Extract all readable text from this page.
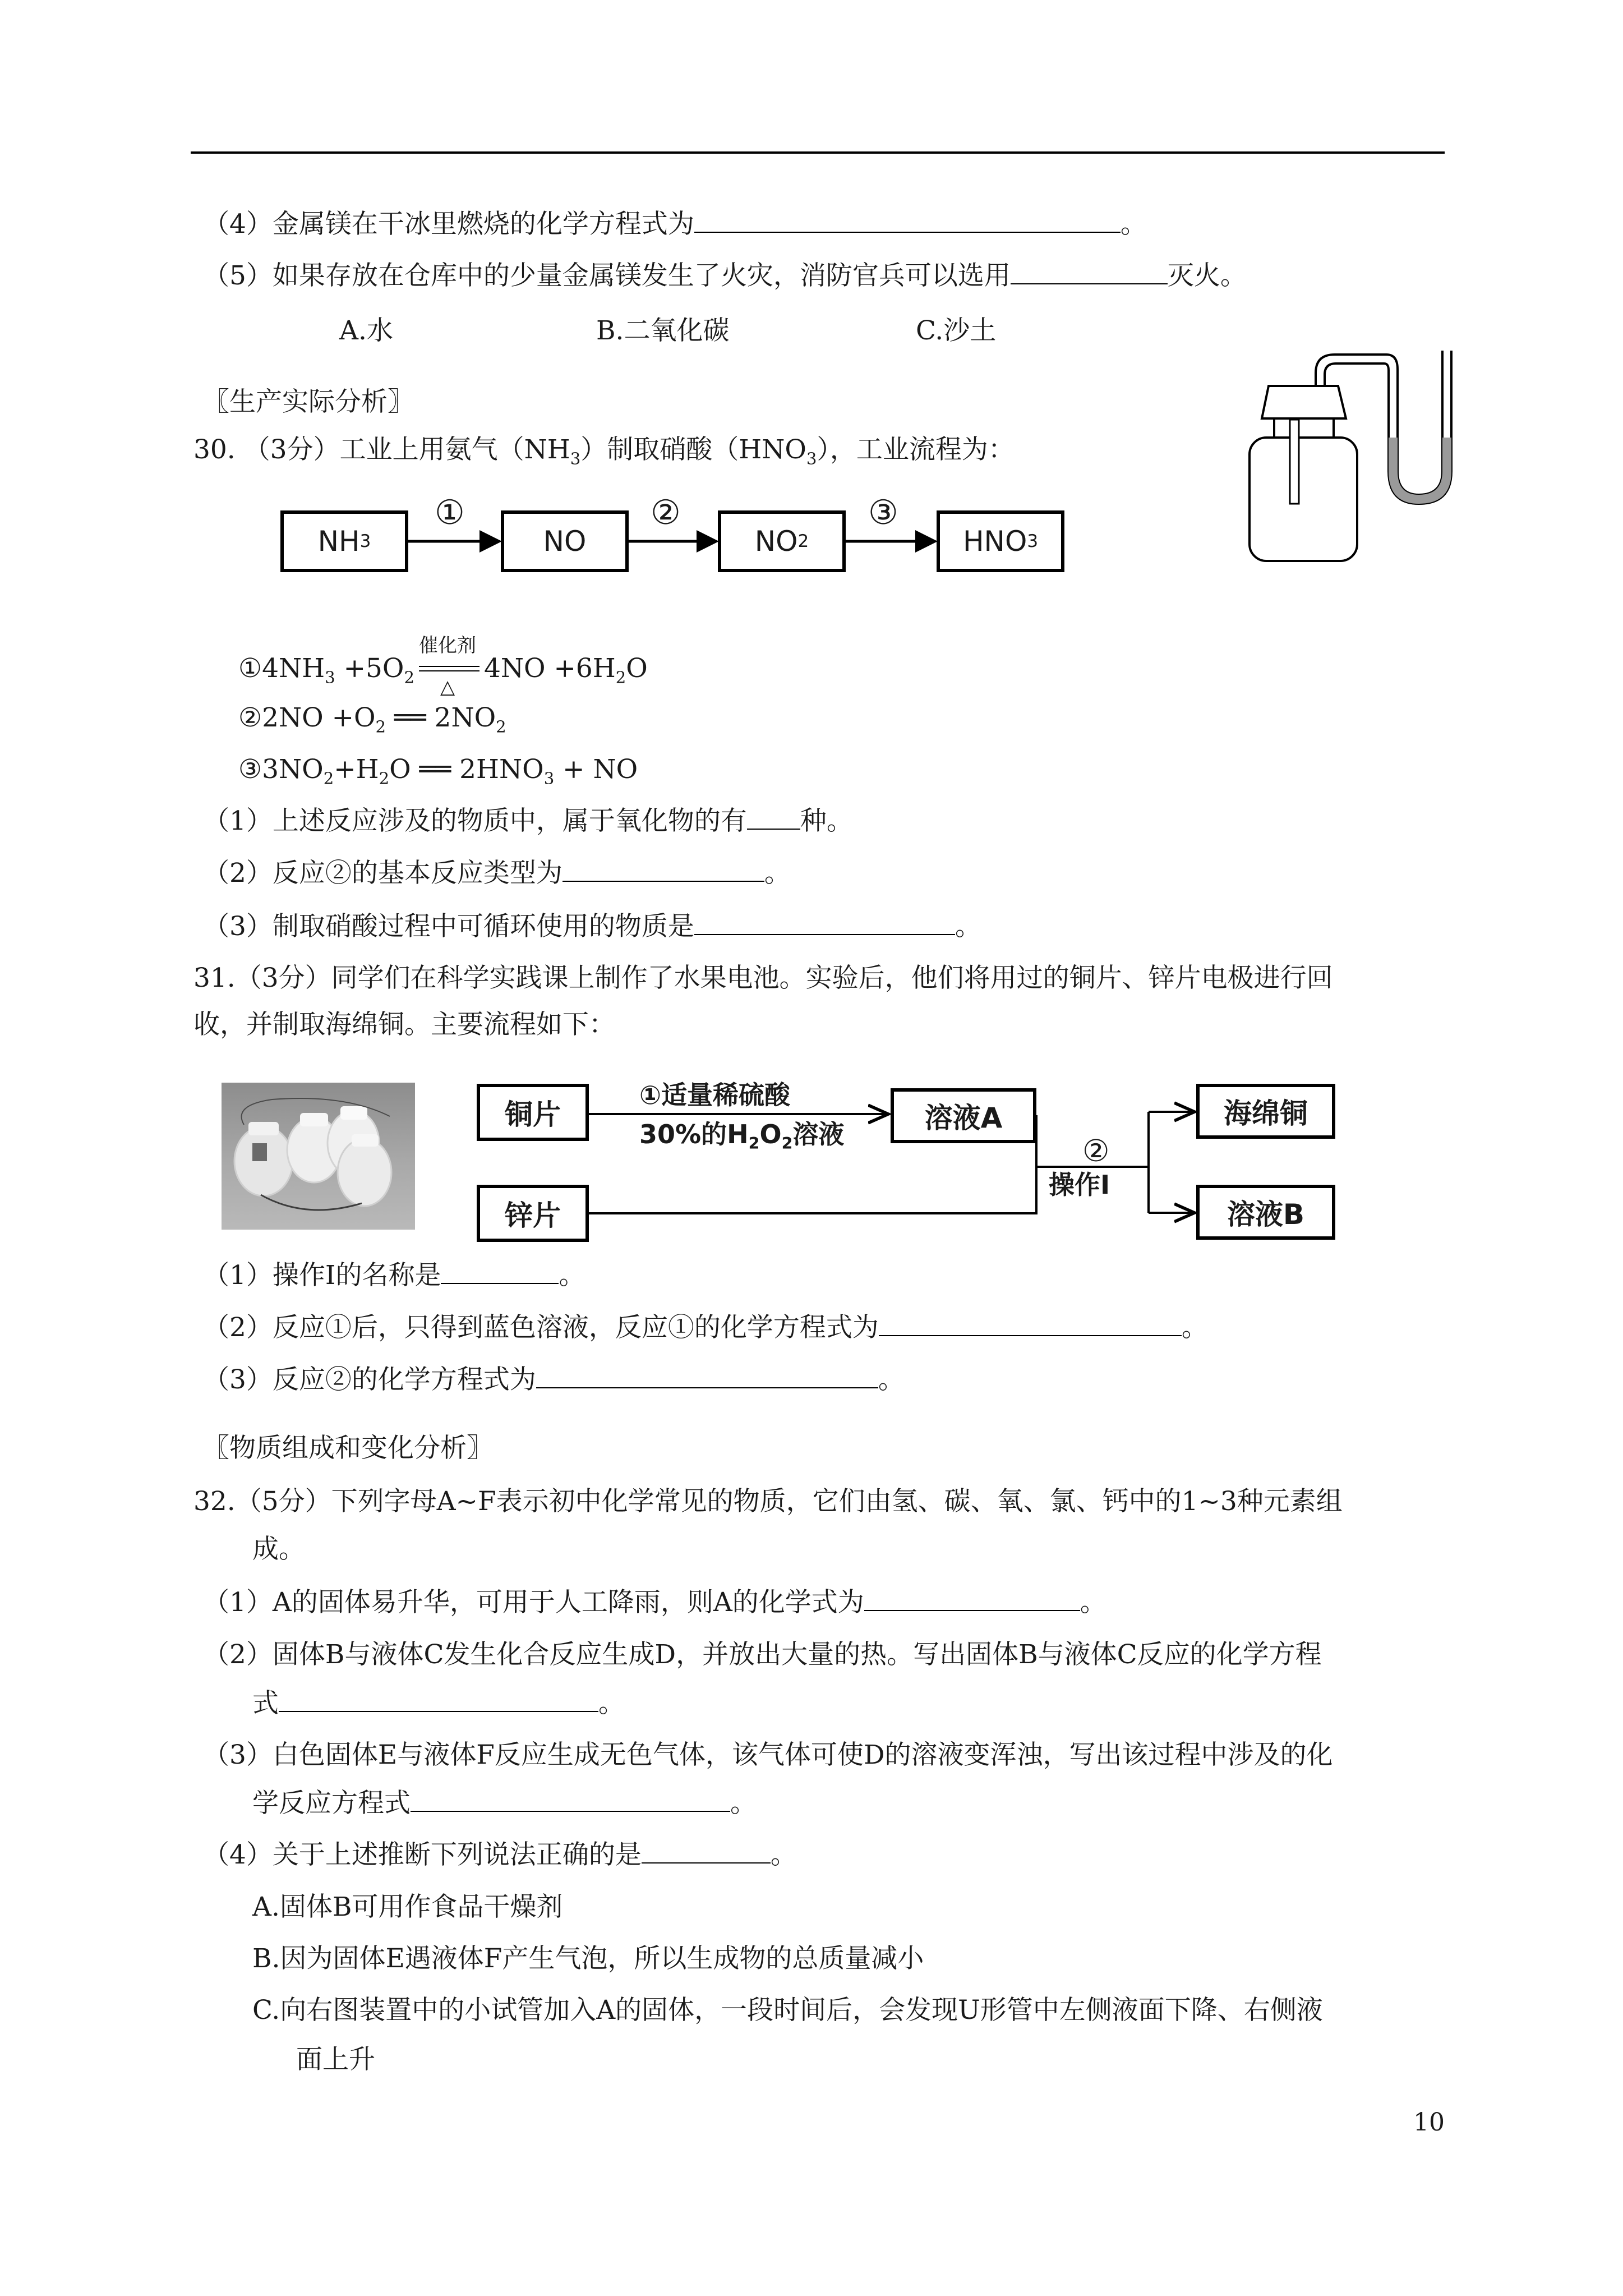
（4）金属镁在干冰里燃烧的化学方程式为	。
（5）如果存放在仓库中的少量金属镁发生了火灾，消防官兵可以选用	灭火。
A.水	B.二氧化碳	C.沙土
〖生产实际分析〗
30. （3分）工业上用氨气$(NH_3)$制取硝酸$(HNO_3)$，工业流程为：
NH 3	NO	NO 2	HNO 3
①	②	③
$①4NH_3 +5O_2$
催化剂
△
$4NO +6H_2O$
②2NO $+O_2$ ══ $2NO_2$
$③3NO_2+H_2O$ ══ $2HNO_3$ + NO
（1）上述反应涉及的物质中，属于氧化物的有 种。
（2）反应②的基本反应类型为	。
（3）制取硝酸过程中可循环使用的物质是	。
31.（3分）同学们在科学实践课上制作了水果电池。实验后，他们将用过的铜片、锌片电极进行回
收，并制取海绵铜。主要流程如下：
铜片
锌片
溶液A	海绵铜
溶液B
①适量稀硫酸
30%的$H_2O_2$溶液	②
操作Ⅰ
（1）操作Ⅰ的名称是	。
（2）反应①后，只得到蓝色溶液，反应①的化学方程式为	。
（3）反应②的化学方程式为	。
〖物质组成和变化分析〗
32.（5分）下列字母A~F表示初中化学常见的物质，它们由氢、碳、氧、氯、钙中的1~3种元素组
成。
（1）A的固体易升华，可用于人工降雨，则A的化学式为	。
（2）固体B与液体C发生化合反应生成D，并放出大量的热。写出固体B与液体C反应的化学方程
式	。
（3）白色固体E与液体F反应生成无色气体，该气体可使D的溶液变浑浊，写出该过程中涉及的化
学反应方程式	。
（4）关于上述推断下列说法正确的是	。
A.固体B可用作食品干燥剂
B.因为固体E遇液体F产生气泡，所以生成物的总质量减小
C.向右图装置中的小试管加入A的固体，一段时间后，会发现U形管中左侧液面下降、右侧液
面上升
10
